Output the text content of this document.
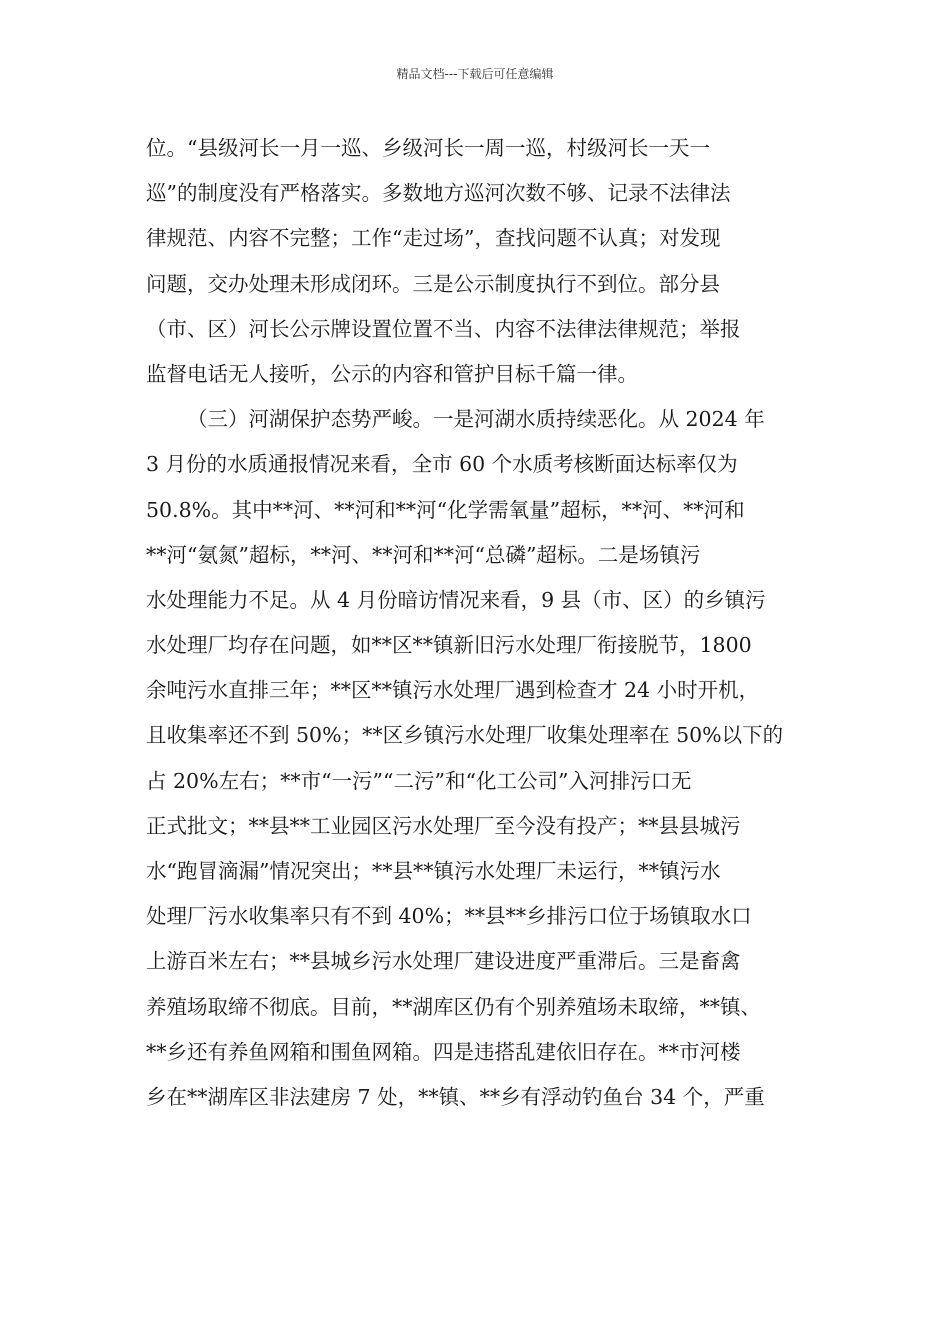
精品文档---下载后可任意编辑
位。“县级河长一月一巡、乡级河长一周一巡，村级河长一天一
巡”的制度没有严格落实。多数地方巡河次数不够、记录不法律法
律规范、内容不完整；工作“走过场”，查找问题不认真；对发现
问题，交办处理未形成闭环。三是公示制度执行不到位。部分县
（市、区）河长公示牌设置位置不当、内容不法律法律规范；举报
监督电话无人接听，公示的内容和管护目标千篇一律。
（三）河湖保护态势严峻。一是河湖水质持续恶化。从 2024 年
3 月份的水质通报情况来看，全市 60 个水质考核断面达标率仅为
50.8%。其中**河、**河和**河“化学需氧量”超标，**河、**河和
**河“氨氮”超标，**河、**河和**河“总磷”超标。二是场镇污
水处理能力不足。从 4 月份暗访情况来看，9 县（市、区）的乡镇污
水处理厂均存在问题，如**区**镇新旧污水处理厂衔接脱节，1800
余吨污水直排三年；**区**镇污水处理厂遇到检查才 24 小时开机，
且收集率还不到 50%；**区乡镇污水处理厂收集处理率在 50%以下的
占 20%左右；**市“一污”“二污”和“化工公司”入河排污口无
正式批文；**县**工业园区污水处理厂至今没有投产；**县县城污
水“跑冒滴漏”情况突出；**县**镇污水处理厂未运行，**镇污水
处理厂污水收集率只有不到 40%；**县**乡排污口位于场镇取水口
上游百米左右；**县城乡污水处理厂建设进度严重滞后。三是畜禽
养殖场取缔不彻底。目前，**湖库区仍有个别养殖场未取缔，**镇、
**乡还有养鱼网箱和围鱼网箱。四是违搭乱建依旧存在。**市河楼
乡在**湖库区非法建房 7 处，**镇、**乡有浮动钓鱼台 34 个，严重
